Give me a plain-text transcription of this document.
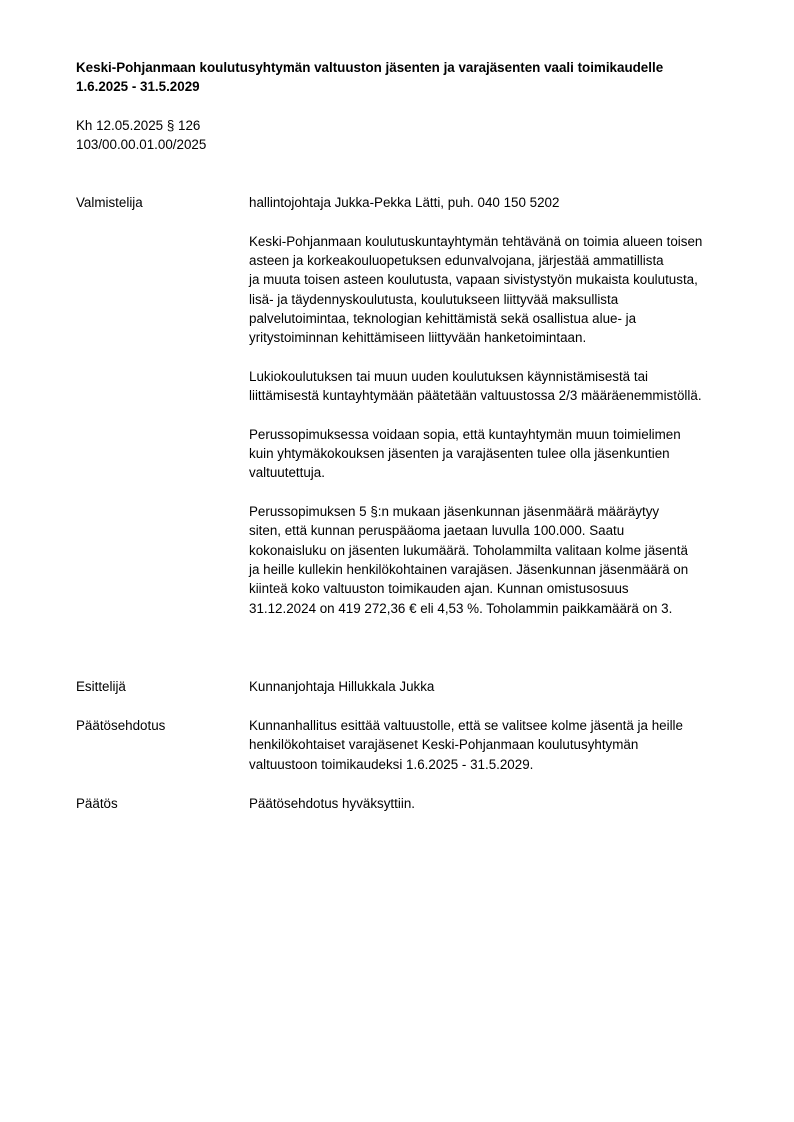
Keski-Pohjanmaan koulutusyhtymän valtuuston jäsenten ja varajäsenten vaali toimikaudelle
1.6.2025 - 31.5.2029
Kh 12.05.2025 § 126
103/00.00.01.00/2025
Valmistelija	hallintojohtaja Jukka-Pekka Lätti, puh. 040 150 5202

Keski-Pohjanmaan koulutuskuntayhtymän tehtävänä on toimia alueen toisen
asteen ja korkeakouluopetuksen edunvalvojana, järjestää ammatillista
ja muuta toisen asteen koulutusta, vapaan sivistystyön mukaista koulutusta,
lisä- ja täydennyskoulutusta, koulutukseen liittyvää maksullista
palvelutoimintaa, teknologian kehittämistä sekä osallistua alue- ja
yritystoiminnan kehittämiseen liittyvään hanketoimintaan.

Lukiokoulutuksen tai muun uuden koulutuksen käynnistämisestä tai
liittämisestä kuntayhtymään päätetään valtuustossa 2/3 määräenemmistöllä.

Perussopimuksessa voidaan sopia, että kuntayhtymän muun toimielimen
kuin yhtymäkokouksen jäsenten ja varajäsenten tulee olla jäsenkuntien
valtuutettuja.

Perussopimuksen 5 §:n mukaan jäsenkunnan jäsenmäärä määräytyy
siten, että kunnan peruspääoma jaetaan luvulla 100.000. Saatu
kokonaisluku on jäsenten lukumäärä. Toholammilta valitaan kolme jäsentä
ja heille kullekin henkilökohtainen varajäsen. Jäsenkunnan jäsenmäärä on
kiinteä koko valtuuston toimikauden ajan. Kunnan omistusosuus
31.12.2024 on 419 272,36 € eli 4,53 %. Toholammin paikkamäärä on 3.

Esittelijä	Kunnanjohtaja Hillukkala Jukka
Päätösehdotus	Kunnanhallitus esittää valtuustolle, että se valitsee kolme jäsentä ja heille
henkilökohtaiset varajäsenet Keski-Pohjanmaan koulutusyhtymän
valtuustoon toimikaudeksi 1.6.2025 - 31.5.2029.
Päätös	Päätösehdotus hyväksyttiin.
